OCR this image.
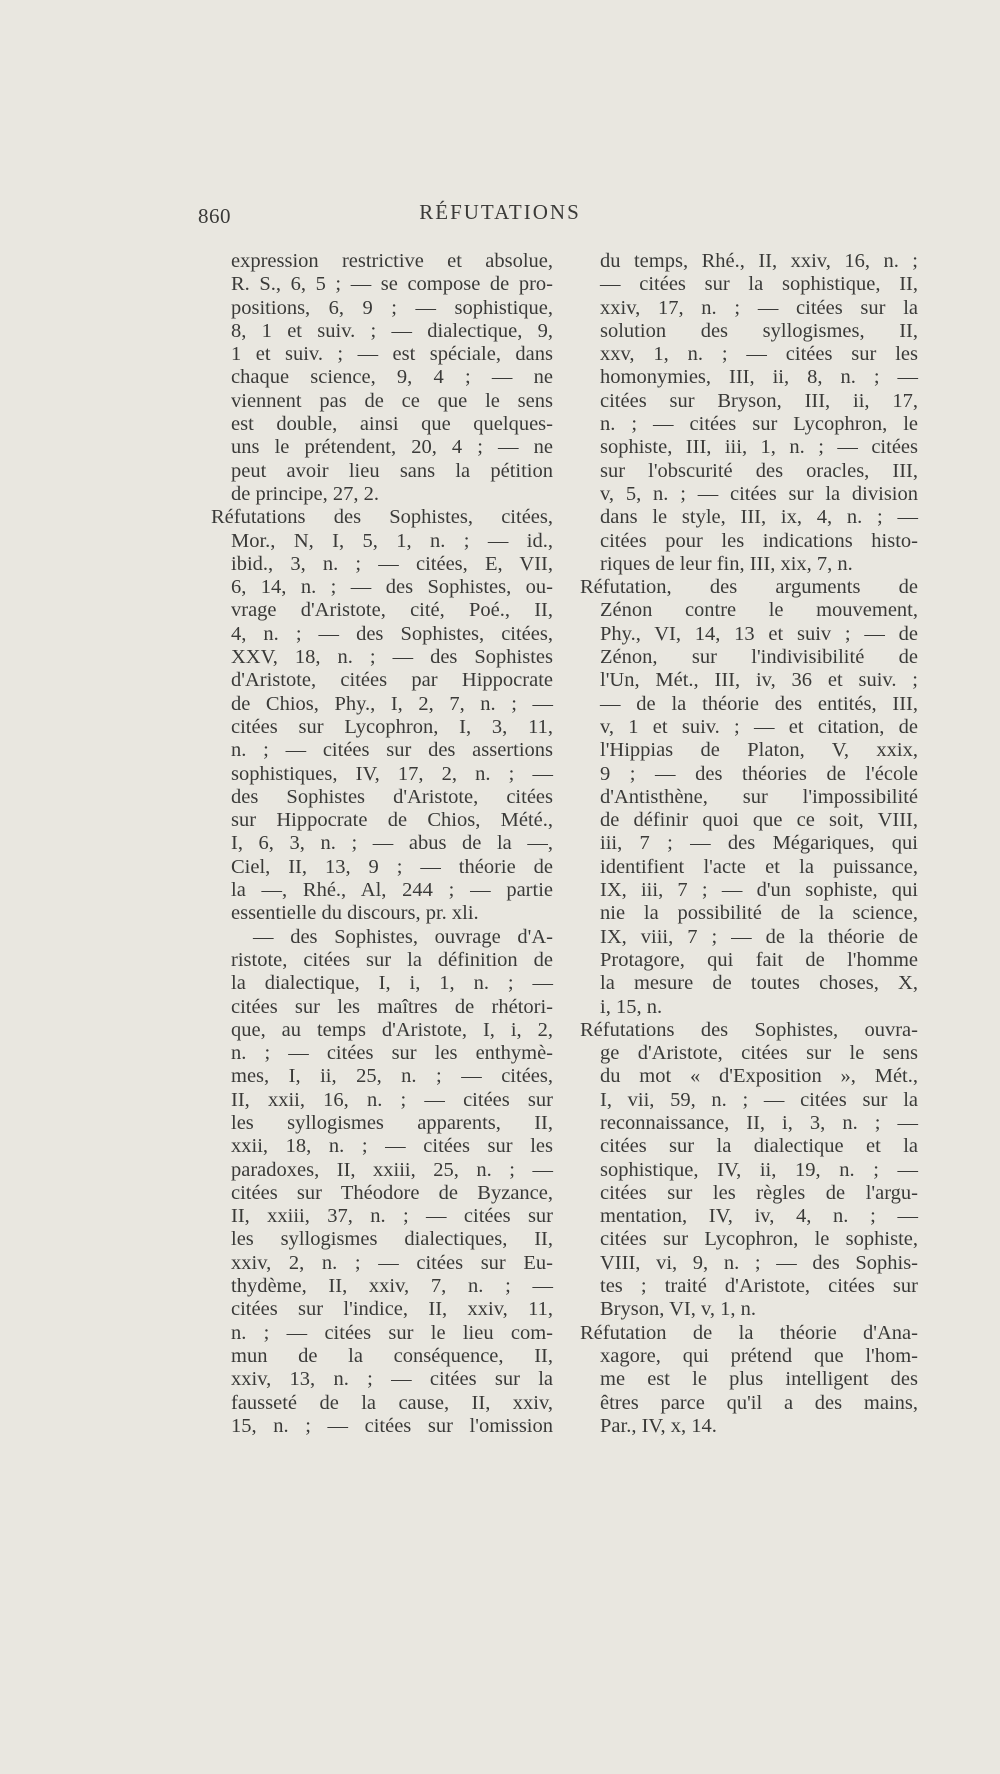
860	RÉFUTATIONS
expression restrictive et absolue,
R. S., 6, 5 ; — se compose de pro-
positions, 6, 9 ; — sophistique,
8, 1 et suiv. ; — dialectique, 9,
1 et suiv. ; — est spéciale, dans
chaque science, 9, 4 ; — ne
viennent pas de ce que le sens
est double, ainsi que quelques-
uns le prétendent, 20, 4 ; — ne
peut avoir lieu sans la pétition
de principe, 27, 2.
Réfutations des Sophistes, citées,
Mor., N, I, 5, 1, n. ; — id.,
ibid., 3, n. ; — citées, E, VII,
6, 14, n. ; — des Sophistes, ou-
vrage d'Aristote, cité, Poé., II,
4, n. ; — des Sophistes, citées,
XXV, 18, n. ; — des Sophistes
d'Aristote, citées par Hippocrate
de Chios, Phy., I, 2, 7, n. ; —
citées sur Lycophron, I, 3, 11,
n. ; — citées sur des assertions
sophistiques, IV, 17, 2, n. ; —
des Sophistes d'Aristote, citées
sur Hippocrate de Chios, Mété.,
I, 6, 3, n. ; — abus de la —,
Ciel, II, 13, 9 ; — théorie de
la —, Rhé., Al, 244 ; — partie
essentielle du discours, pr. xli.
— des Sophistes, ouvrage d'A-
ristote, citées sur la définition de
la dialectique, I, i, 1, n. ; —
citées sur les maîtres de rhétori-
que, au temps d'Aristote, I, i, 2,
n. ; — citées sur les enthymè-
mes, I, ii, 25, n. ; — citées,
II, xxii, 16, n. ; — citées sur
les syllogismes apparents, II,
xxii, 18, n. ; — citées sur les
paradoxes, II, xxiii, 25, n. ; —
citées sur Théodore de Byzance,
II, xxiii, 37, n. ; — citées sur
les syllogismes dialectiques, II,
xxiv, 2, n. ; — citées sur Eu-
thydème, II, xxiv, 7, n. ; —
citées sur l'indice, II, xxiv, 11,
n. ; — citées sur le lieu com-
mun de la conséquence, II,
xxiv, 13, n. ; — citées sur la
fausseté de la cause, II, xxiv,
15, n. ; — citées sur l'omission
du temps, Rhé., II, xxiv, 16, n. ;
— citées sur la sophistique, II,
xxiv, 17, n. ; — citées sur la
solution des syllogismes, II,
xxv, 1, n. ; — citées sur les
homonymies, III, ii, 8, n. ; —
citées sur Bryson, III, ii, 17,
n. ; — citées sur Lycophron, le
sophiste, III, iii, 1, n. ; — citées
sur l'obscurité des oracles, III,
v, 5, n. ; — citées sur la division
dans le style, III, ix, 4, n. ; —
citées pour les indications histo-
riques de leur fin, III, xix, 7, n.
Réfutation, des arguments de
Zénon contre le mouvement,
Phy., VI, 14, 13 et suiv ; — de
Zénon, sur l'indivisibilité de
l'Un, Mét., III, iv, 36 et suiv. ;
— de la théorie des entités, III,
v, 1 et suiv. ; — et citation, de
l'Hippias de Platon, V, xxix,
9 ; — des théories de l'école
d'Antisthène, sur l'impossibilité
de définir quoi que ce soit, VIII,
iii, 7 ; — des Mégariques, qui
identifient l'acte et la puissance,
IX, iii, 7 ; — d'un sophiste, qui
nie la possibilité de la science,
IX, viii, 7 ; — de la théorie de
Protagore, qui fait de l'homme
la mesure de toutes choses, X,
i, 15, n.
Réfutations des Sophistes, ouvra-
ge d'Aristote, citées sur le sens
du mot « d'Exposition », Mét.,
I, vii, 59, n. ; — citées sur la
reconnaissance, II, i, 3, n. ; —
citées sur la dialectique et la
sophistique, IV, ii, 19, n. ; —
citées sur les règles de l'argu-
mentation, IV, iv, 4, n. ; —
citées sur Lycophron, le sophiste,
VIII, vi, 9, n. ; — des Sophis-
tes ; traité d'Aristote, citées sur
Bryson, VI, v, 1, n.
Réfutation de la théorie d'Ana-
xagore, qui prétend que l'hom-
me est le plus intelligent des
êtres parce qu'il a des mains,
Par., IV, x, 14.
